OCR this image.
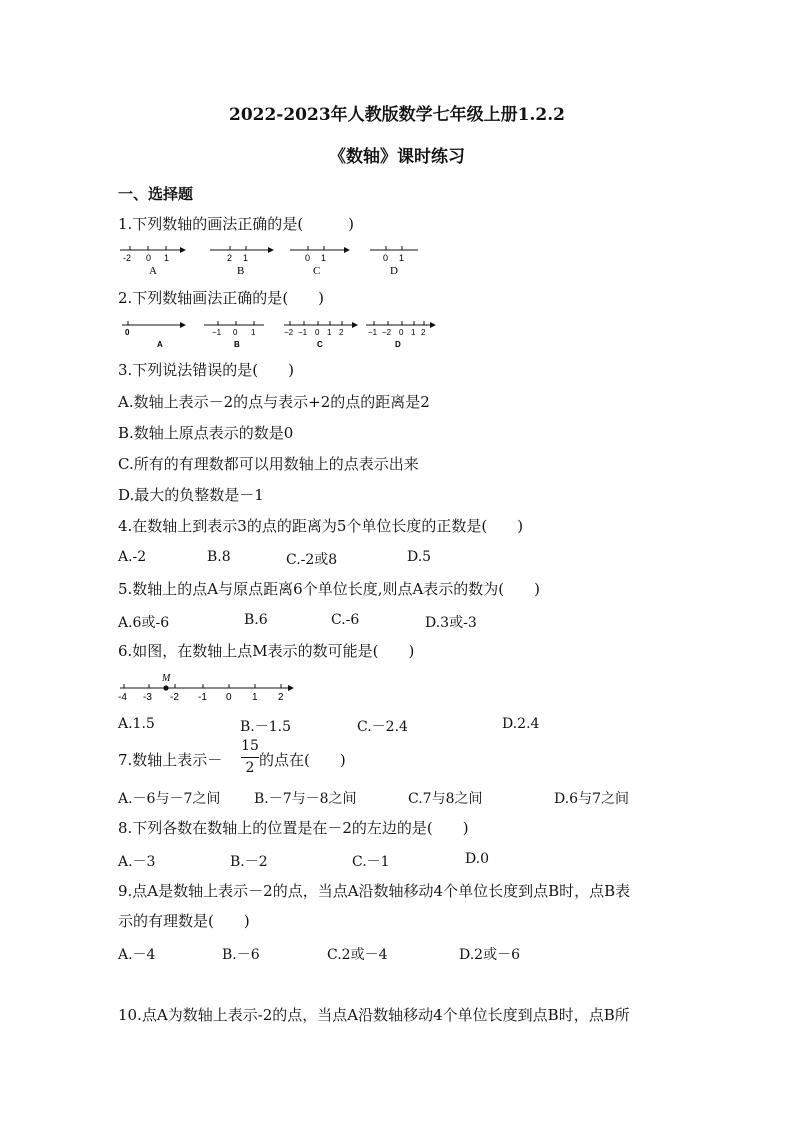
2022-2023年人教版数学七年级上册1.2.2
《数轴》课时练习
一、选择题
1.下列数轴的画法正确的是(　　　)
-2 0 1
A
2 1
B
0 1
C
0 1
D
2.下列数轴画法正确的是(　　)
0
A
−1 0 1
B
−2 −1 0 1 2
C
−1 −2 0 1 2
D
3.下列说法错误的是(　　)
A.数轴上表示－2的点与表示+2的点的距离是2
B.数轴上原点表示的数是0
C.所有的有理数都可以用数轴上的点表示出来
D.最大的负整数是－1
4.在数轴上到表示3的点的距离为5个单位长度的正数是(　　)
A.-2	B.8	C.-2或8	D.5
5.数轴上的点A与原点距离6个单位长度,则点A表示的数为(　　)
A.6或-6	B.6	C.-6	D.3或-3
6.如图，在数轴上点M表示的数可能是(　　)
M
-4 -3 -2 -1 0 1 2
A.1.5	B.－1.5	C.－2.4	D.2.4
7.数轴上表示－
15
2 的点在(　　)
A.－6与－7之间 B.－7与－8之间	C.7与8之间	D.6与7之间
8.下列各数在数轴上的位置是在－2的左边的是(　　)
A.－3	B.－2	C.－1	D.0
9.点A是数轴上表示－2的点，当点A沿数轴移动4个单位长度到点B时，点B表
示的有理数是(　　)
A.－4	B.－6	C.2或－4	D.2或－6
10.点A为数轴上表示-2的点，当点A沿数轴移动4个单位长度到点B时，点B所
